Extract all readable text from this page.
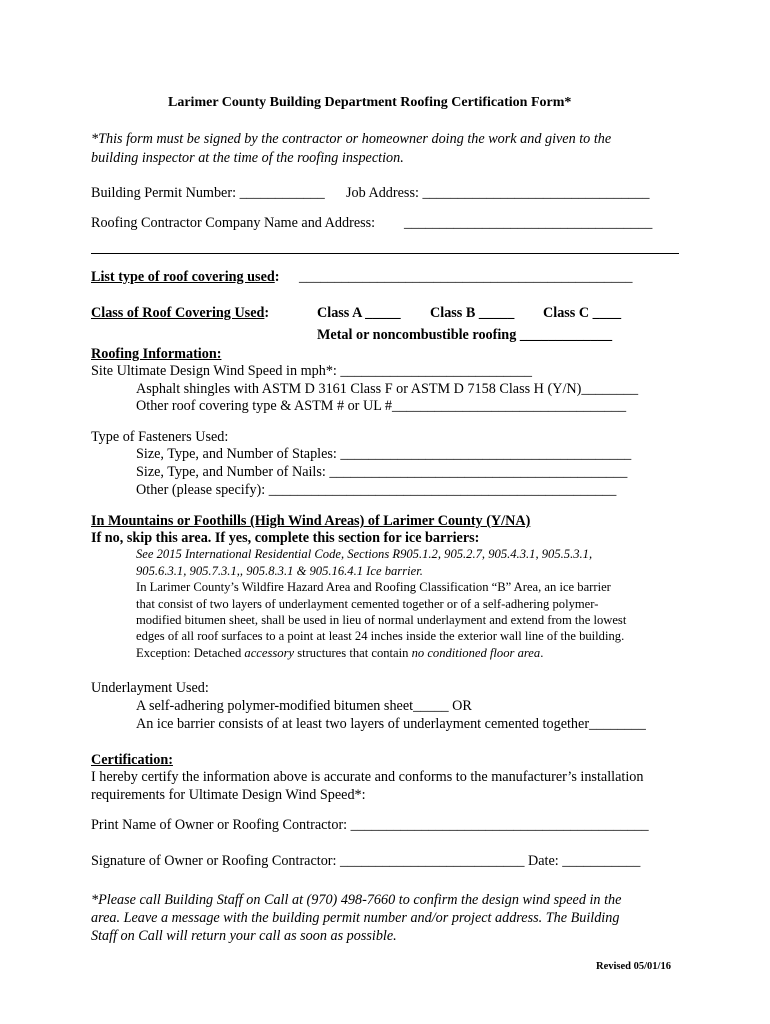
Larimer County Building Department Roofing Certification Form*
*This form must be signed by the contractor or homeowner doing the work and given to the
building inspector at the time of the roofing inspection.
Building Permit Number: ____________ Job Address: ________________________________
Roofing Contractor Company Name and Address: ___________________________________
List type of roof covering used: _______________________________________________
Class of Roof Covering Used:	Class A _____ Class B _____ Class C ____
Metal or noncombustible roofing _____________
Roofing Information:
Site Ultimate Design Wind Speed in mph*: ___________________________
Asphalt shingles with ASTM D 3161 Class F or ASTM D 7158 Class H (Y/N)________
Other roof covering type & ASTM # or UL #_________________________________
Type of Fasteners Used:
Size, Type, and Number of Staples: _________________________________________
Size, Type, and Number of Nails: __________________________________________
Other (please specify): _________________________________________________
In Mountains or Foothills (High Wind Areas) of Larimer County (Y/NA)
If no, skip this area. If yes, complete this section for ice barriers:
See 2015 International Residential Code, Sections R905.1.2, 905.2.7, 905.4.3.1, 905.5.3.1,
905.6.3.1, 905.7.3.1,, 905.8.3.1 & 905.16.4.1 Ice barrier.
In Larimer County’s Wildfire Hazard Area and Roofing Classification “B” Area, an ice barrier
that consist of two layers of underlayment cemented together or of a self-adhering polymer-
modified bitumen sheet, shall be used in lieu of normal underlayment and extend from the lowest
edges of all roof surfaces to a point at least 24 inches inside the exterior wall line of the building.
Exception: Detached accessory structures that contain no conditioned floor area.
Underlayment Used:
A self-adhering polymer-modified bitumen sheet_____ OR
An ice barrier consists of at least two layers of underlayment cemented together________
Certification:
I hereby certify the information above is accurate and conforms to the manufacturer’s installation
requirements for Ultimate Design Wind Speed*:
Print Name of Owner or Roofing Contractor: __________________________________________
Signature of Owner or Roofing Contractor: __________________________ Date: ___________
*Please call Building Staff on Call at (970) 498-7660 to confirm the design wind speed in the
area. Leave a message with the building permit number and/or project address. The Building
Staff on Call will return your call as soon as possible.
Revised 05/01/16
